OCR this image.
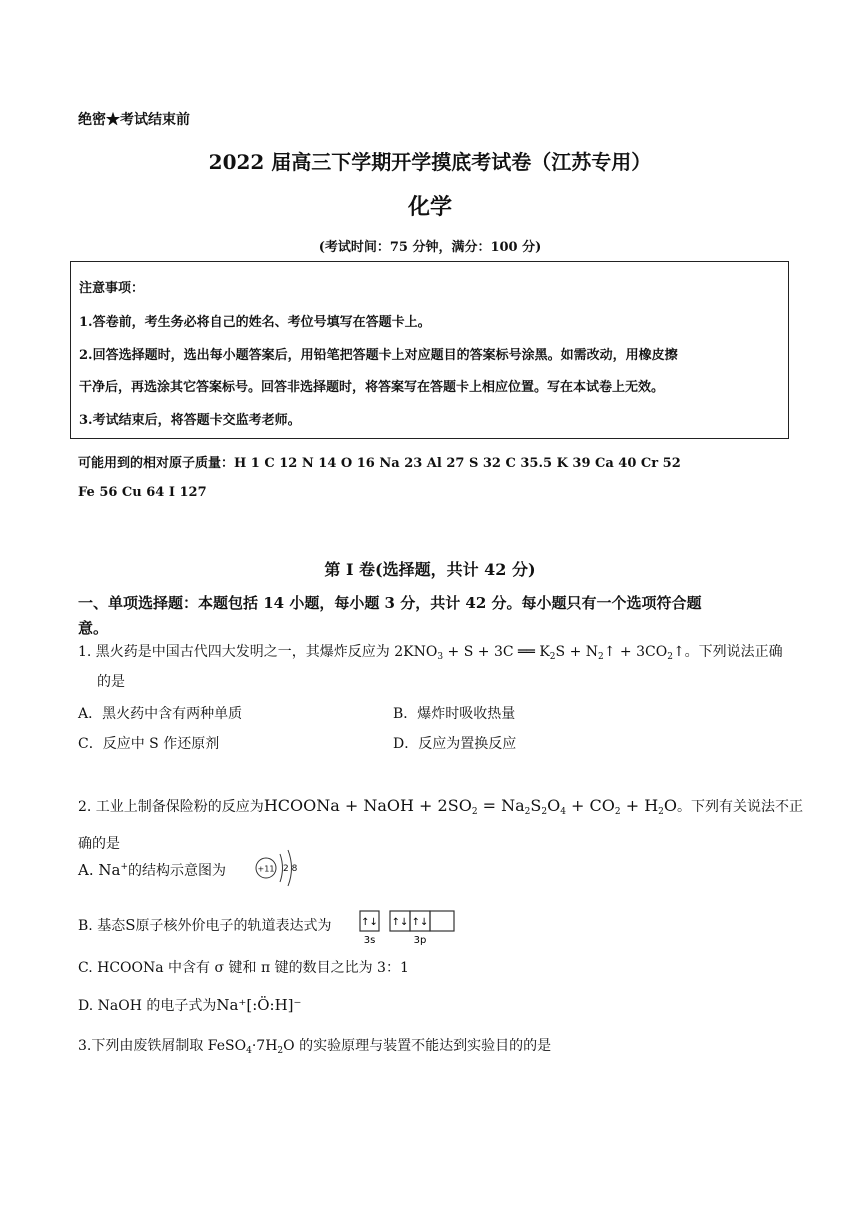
绝密★考试结束前
2022 届高三下学期开学摸底考试卷（江苏专用）
化学
(考试时间：75 分钟，满分：100 分)
注意事项：
1.答卷前，考生务必将自己的姓名、考位号填写在答题卡上。
2.回答选择题时，选出每小题答案后，用铅笔把答题卡上对应题目的答案标号涂黑。如需改动，用橡皮擦
干净后，再选涂其它答案标号。回答非选择题时，将答案写在答题卡上相应位置。写在本试卷上无效。
3.考试结束后，将答题卡交监考老师。
可能用到的相对原子质量：H 1 C 12 N 14 O 16 Na 23 Al 27 S 32 C 35.5 K 39 Ca 40 Cr 52
Fe 56 Cu 64 I 127
第 I 卷(选择题，共计 42 分)
一、单项选择题：本题包括 14 小题，每小题 3 分，共计 42 分。每小题只有一个选项符合题
意。
1. 黑火药是中国古代四大发明之一，其爆炸反应为 $2KNO_3 + S + 3C$ ══ $K_2S$ + $N_2↑$ + $3CO_2↑$。下列说法正确
的是
A．黑火药中含有两种单质	B．爆炸时吸收热量
C．反应中 S 作还原剂	D．反应为置换反应
2. 工业上制备保险粉的反应为HCOONa + NaOH + $2SO_2 = Na_2S_2O_4 + CO_2 + H_2O$。下列有关说法不正
确的是
A. Na+的结构示意图为	+11 2 8
B. 基态S原子核外价电子的轨道表达式为	↑↓ ↑↓ ↑↓
3s	3p
C. HCOONa 中含有 σ 键和 π 键的数目之比为 3：1
D. NaOH 的电子式为Na⁺[:Ö:H]⁻
3.下列由废铁屑制取 $FeSO_4\cdot 7H_2O$ 的实验原理与装置不能达到实验目的的是
